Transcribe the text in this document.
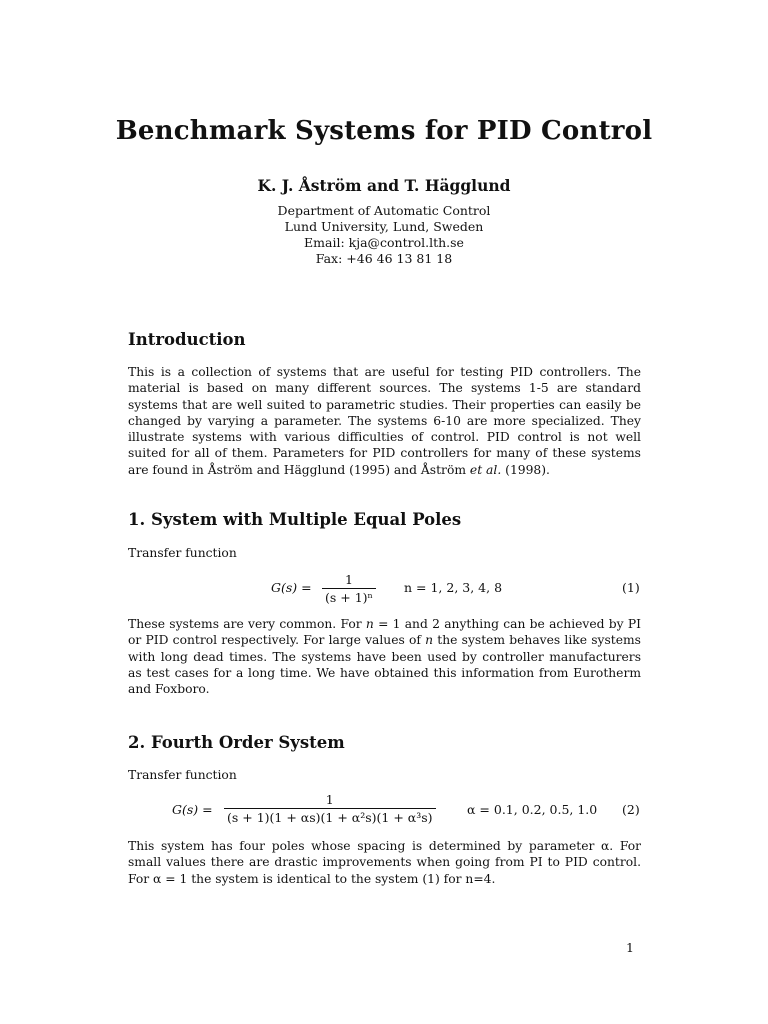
Benchmark Systems for PID Control
K. J. Åström and T. Hägglund
Department of Automatic Control
Lund University, Lund, Sweden
Email: kja@control.lth.se
Fax: +46 46 13 81 18
Introduction
This is a collection of systems that are useful for testing PID controllers. The material is based on many different sources. The systems 1-5 are standard systems that are well suited to parametric studies. Their properties can easily be changed by varying a parameter. The systems 6-10 are more specialized. They illustrate systems with various difficulties of control. PID control is not well suited for all of them. Parameters for PID controllers for many of these systems are found in Åström and Hägglund (1995) and Åström et al. (1998).
1. System with Multiple Equal Poles
Transfer function
$G(s) = \frac{1}{\text{(s + 1)ⁿ}}$ n = 1, 2, 3, 4, 8	(1)
These systems are very common. For n = 1 and 2 anything can be achieved by PI or PID control respectively. For large values of n the system behaves like systems with long dead times. The systems have been used by controller manufacturers as test cases for a long time. We have obtained this information from Eurotherm and Foxboro.
2. Fourth Order System
Transfer function
$G(s) = \frac{1}{\text{(s + 1)(1 + αs)(1 + α²s)(1 + α³s)}}$	α = 0.1, 0.2, 0.5, 1.0 (2)
This system has four poles whose spacing is determined by parameter α. For small values there are drastic improvements when going from PI to PID control. For α = 1 the system is identical to the system (1) for n=4.
1
